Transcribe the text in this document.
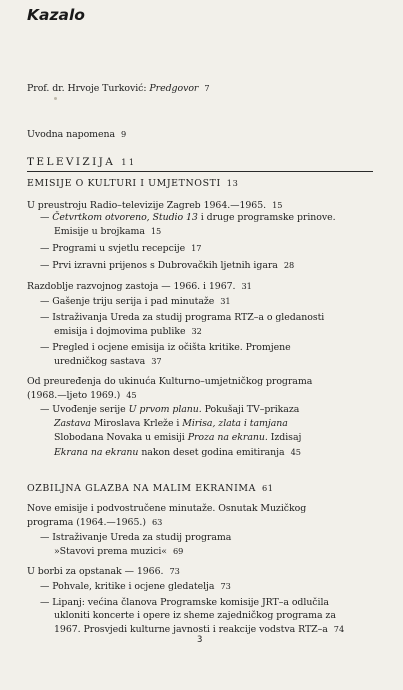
Kazalo
Prof. dr. Hrvoje Turković: Predgovor 7
Uvodna napomena 9
TELEVIZIJA 11
EMISIJE O KULTURI I UMJETNOSTI 13
U preustroju Radio–televizije Zagreb 1964.—1965. 15
— Četvrtkom otvoreno, Studio 13 i druge programske prinove.
Emisije u brojkama 15
— Programi u svjetlu recepcije 17
— Prvi izravni prijenos s Dubrovačkih ljetnih igara 28
Razdoblje razvojnog zastoja — 1966. i 1967. 31
— Gašenje triju serija i pad minutaže 31
— Istraživanja Ureda za studij programa RTZ–a o gledanosti
emisija i dojmovima publike 32
— Pregled i ocjene emisija iz očišta kritike. Promjene
uredničkog sastava 37
Od preuređenja do ukinuća Kulturno–umjetničkog programa
(1968.—ljeto 1969.) 45
— Uvođenje serije U prvom planu. Pokušaji TV–prikaza
Zastava Miroslava Krleže i Mirisa, zlata i tamjana
Slobodana Novaka u emisiji Proza na ekranu. Izdisaj
Ekrana na ekranu nakon deset godina emitiranja 45
OZBILJNA GLAZBA NA MALIM EKRANIMA 61
Nove emisije i podvostručene minutaže. Osnutak Muzičkog
programa (1964.—1965.) 63
— Istraživanje Ureda za studij programa
»Stavovi prema muzici« 69
U borbi za opstanak — 1966. 73
— Pohvale, kritike i ocjene gledatelja 73
— Lipanj: većina članova Programske komisije JRT–a odlučila
ukloniti koncerte i opere iz sheme zajedničkog programa za
1967. Prosvjedi kulturne javnosti i reakcije vodstva RTZ–a 74
3
